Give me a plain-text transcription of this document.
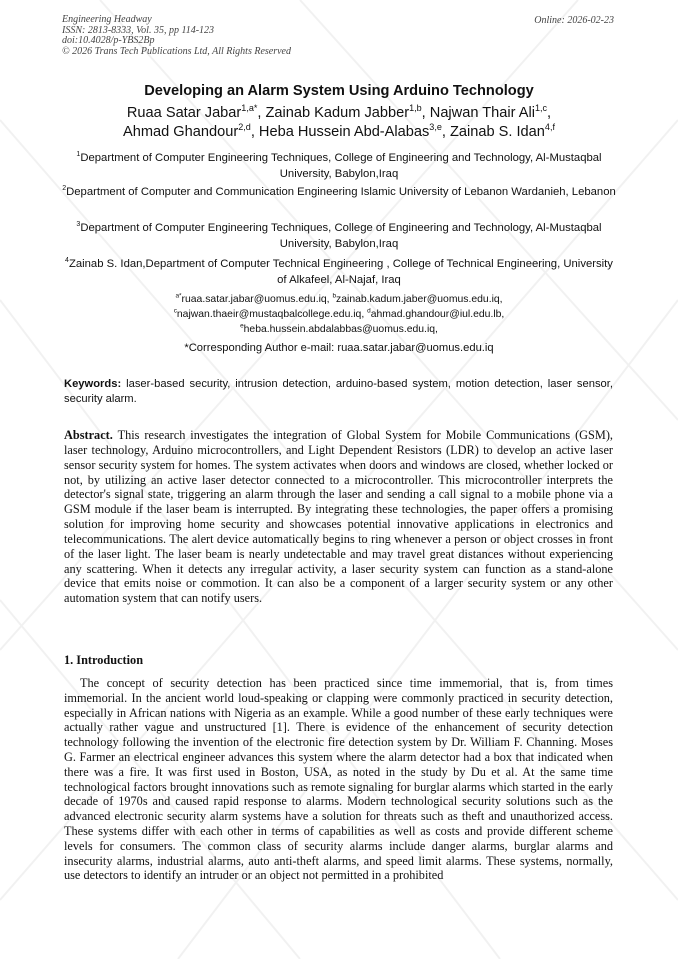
Engineering Headway
ISSN: 2813-8333, Vol. 35, pp 114-123
doi:10.4028/p-YBS2Bp
© 2026 Trans Tech Publications Ltd, All Rights Reserved
Online: 2026-02-23
Developing an Alarm System Using Arduino Technology
Ruaa Satar Jabar$^{1,a*}$, Zainab Kadum Jabber$^{1,b}$, Najwan Thair Ali$^{1,c}$,
Ahmad Ghandour$^{2,d}$, Heba Hussein Abd-Alabas$^{3,e}$, Zainab S. Idan$^{4,f}$
$^1$Department of Computer Engineering Techniques, College of Engineering and Technology, Al-Mustaqbal University, Babylon,Iraq
$^2$Department of Computer and Communication Engineering Islamic University of Lebanon Wardanieh, Lebanon
$^3$Department of Computer Engineering Techniques, College of Engineering and Technology, Al-Mustaqbal University, Babylon,Iraq
$^4$Zainab S. Idan,Department of Computer Technical Engineering , College of Technical Engineering, University of Alkafeel, Al-Najaf, Iraq
$^{a*}$ruaa.satar.jabar@uomus.edu.iq, $^b$zainab.kadum.jaber@uomus.edu.iq,
$^c$najwan.thaeir@mustaqbalcollege.edu.iq, $^d$ahmad.ghandour@iul.edu.lb,
$^e$heba.hussein.abdalabbas@uomus.edu.iq,
*Corresponding Author e-mail: ruaa.satar.jabar@uomus.edu.iq
Keywords: laser-based security, intrusion detection, arduino-based system, motion detection, laser sensor, security alarm.
Abstract. This research investigates the integration of Global System for Mobile Communications (GSM), laser technology, Arduino microcontrollers, and Light Dependent Resistors (LDR) to develop an active laser sensor security system for homes. The system activates when doors and windows are closed, whether locked or not, by utilizing an active laser detector connected to a microcontroller. This microcontroller interprets the detector's signal state, triggering an alarm through the laser and sending a call signal to a mobile phone via a GSM module if the laser beam is interrupted. By integrating these technologies, the paper offers a promising solution for improving home security and showcases potential innovative applications in electronics and telecommunications. The alert device automatically begins to ring whenever a person or object crosses in front of the laser light. The laser beam is nearly undetectable and may travel great distances without experiencing any scattering. When it detects any irregular activity, a laser security system can function as a stand-alone device that emits noise or commotion. It can also be a component of a larger security system or any other automation system that can notify users.
1. Introduction

The concept of security detection has been practiced since time immemorial, that is, from times immemorial. In the ancient world loud-speaking or clapping were commonly practiced in security detection, especially in African nations with Nigeria as an example. While a good number of these early techniques were actually rather vague and unstructured [1]. There is evidence of the enhancement of security detection technology following the invention of the electronic fire detection system by Dr. William F. Channing. Moses G. Farmer an electrical engineer advances this system where the alarm detector had a box that indicated when there was a fire. It was first used in Boston, USA, as noted in the study by Du et al. At the same time technological factors brought innovations such as remote signaling for burglar alarms which started in the early decade of 1970s and caused rapid response to alarms. Modern technological security solutions such as the advanced electronic security alarm systems have a solution for threats such as theft and unauthorized access. These systems differ with each other in terms of capabilities as well as costs and provide different scheme levels for consumers. The common class of security alarms include danger alarms, burglar alarms and insecurity alarms, industrial alarms, auto anti-theft alarms, and speed limit alarms. These systems, normally, use detectors to identify an intruder or an object not permitted in a prohibited
